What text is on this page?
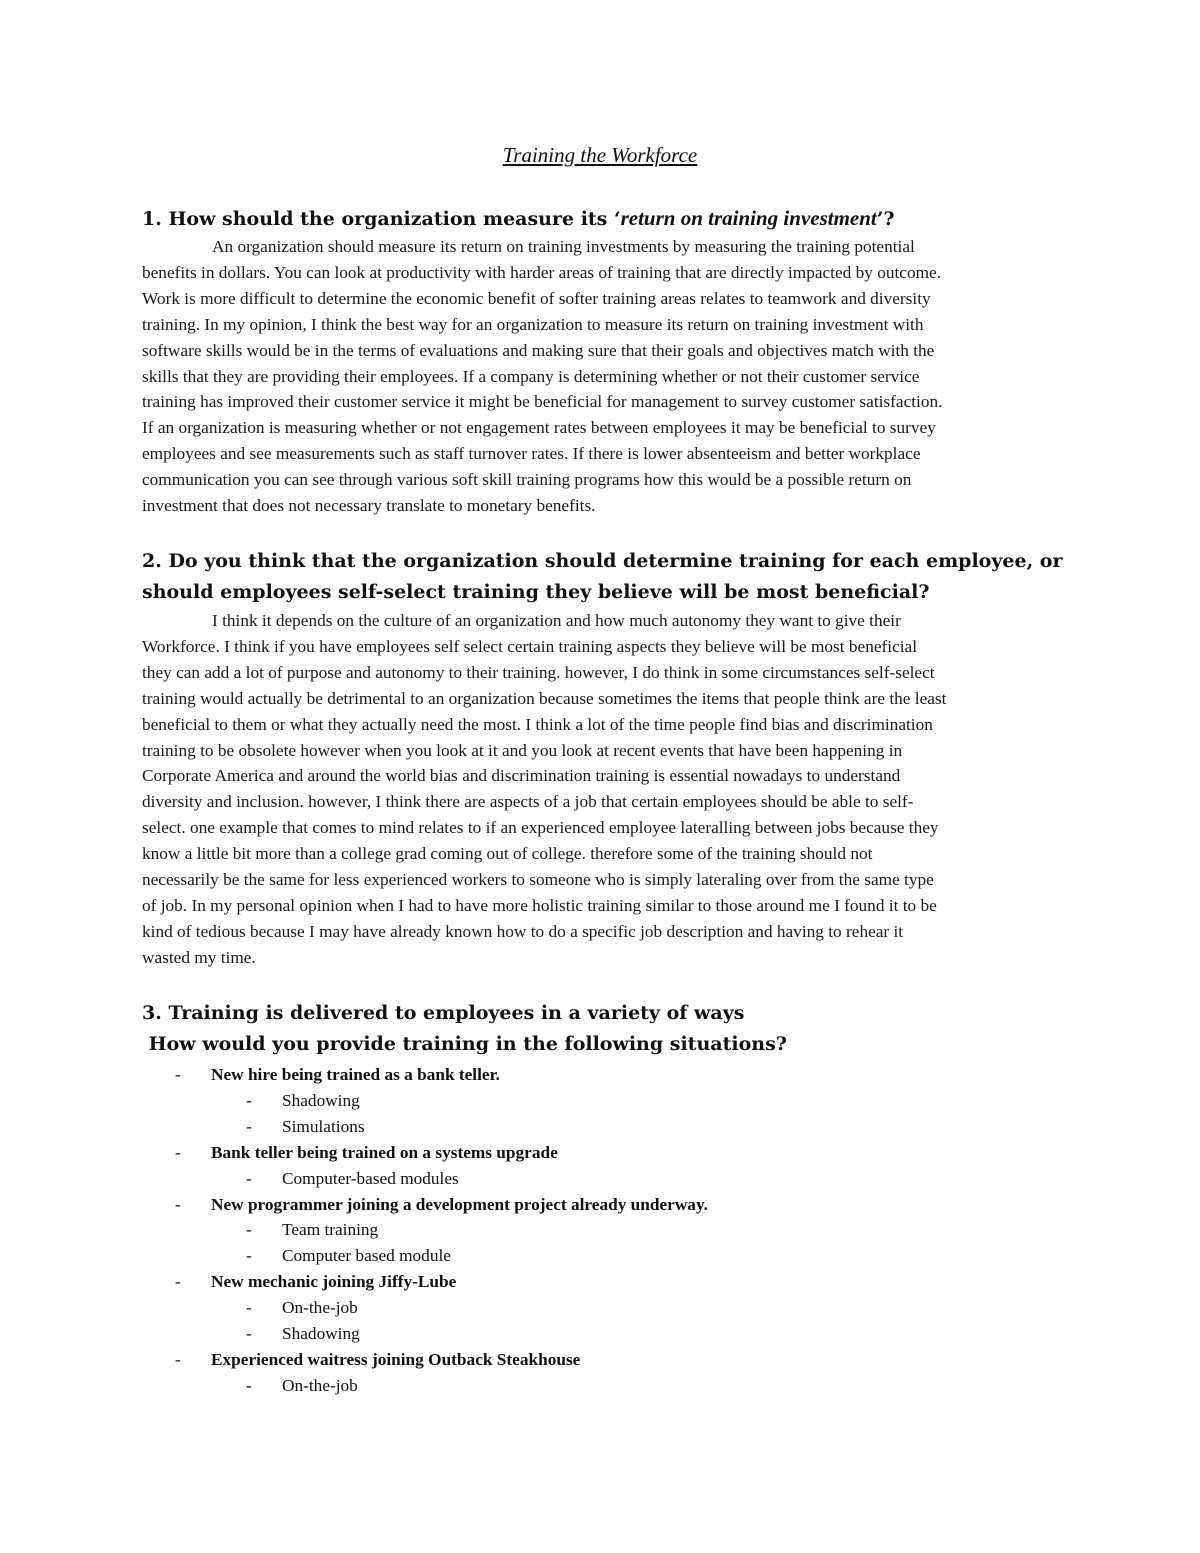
Training the Workforce
1. How should the organization measure its ‘return on training investment’?
An organization should measure its return on training investments by measuring the training potential
benefits in dollars. You can look at productivity with harder areas of training that are directly impacted by outcome.
Work is more difficult to determine the economic benefit of softer training areas relates to teamwork and diversity
training. In my opinion, I think the best way for an organization to measure its return on training investment with
software skills would be in the terms of evaluations and making sure that their goals and objectives match with the
skills that they are providing their employees. If a company is determining whether or not their customer service
training has improved their customer service it might be beneficial for management to survey customer satisfaction.
If an organization is measuring whether or not engagement rates between employees it may be beneficial to survey
employees and see measurements such as staff turnover rates. If there is lower absenteeism and better workplace
communication you can see through various soft skill training programs how this would be a possible return on
investment that does not necessary translate to monetary benefits.
2. Do you think that the organization should determine training for each employee, or
should employees self-select training they believe will be most beneficial?
I think it depends on the culture of an organization and how much autonomy they want to give their
Workforce. I think if you have employees self select certain training aspects they believe will be most beneficial
they can add a lot of purpose and autonomy to their training. however, I do think in some circumstances self-select
training would actually be detrimental to an organization because sometimes the items that people think are the least
beneficial to them or what they actually need the most. I think a lot of the time people find bias and discrimination
training to be obsolete however when you look at it and you look at recent events that have been happening in
Corporate America and around the world bias and discrimination training is essential nowadays to understand
diversity and inclusion. however, I think there are aspects of a job that certain employees should be able to self-
select. one example that comes to mind relates to if an experienced employee lateralling between jobs because they
know a little bit more than a college grad coming out of college. therefore some of the training should not
necessarily be the same for less experienced workers to someone who is simply lateraling over from the same type
of job. In my personal opinion when I had to have more holistic training similar to those around me I found it to be
kind of tedious because I may have already known how to do a specific job description and having to rehear it
wasted my time.
3. Training is delivered to employees in a variety of ways
How would you provide training in the following situations?
- New hire being trained as a bank teller.
- Shadowing
- Simulations
- Bank teller being trained on a systems upgrade
- Computer-based modules
- New programmer joining a development project already underway.
- Team training
- Computer based module
- New mechanic joining Jiffy-Lube
- On-the-job
- Shadowing
- Experienced waitress joining Outback Steakhouse
- On-the-job
